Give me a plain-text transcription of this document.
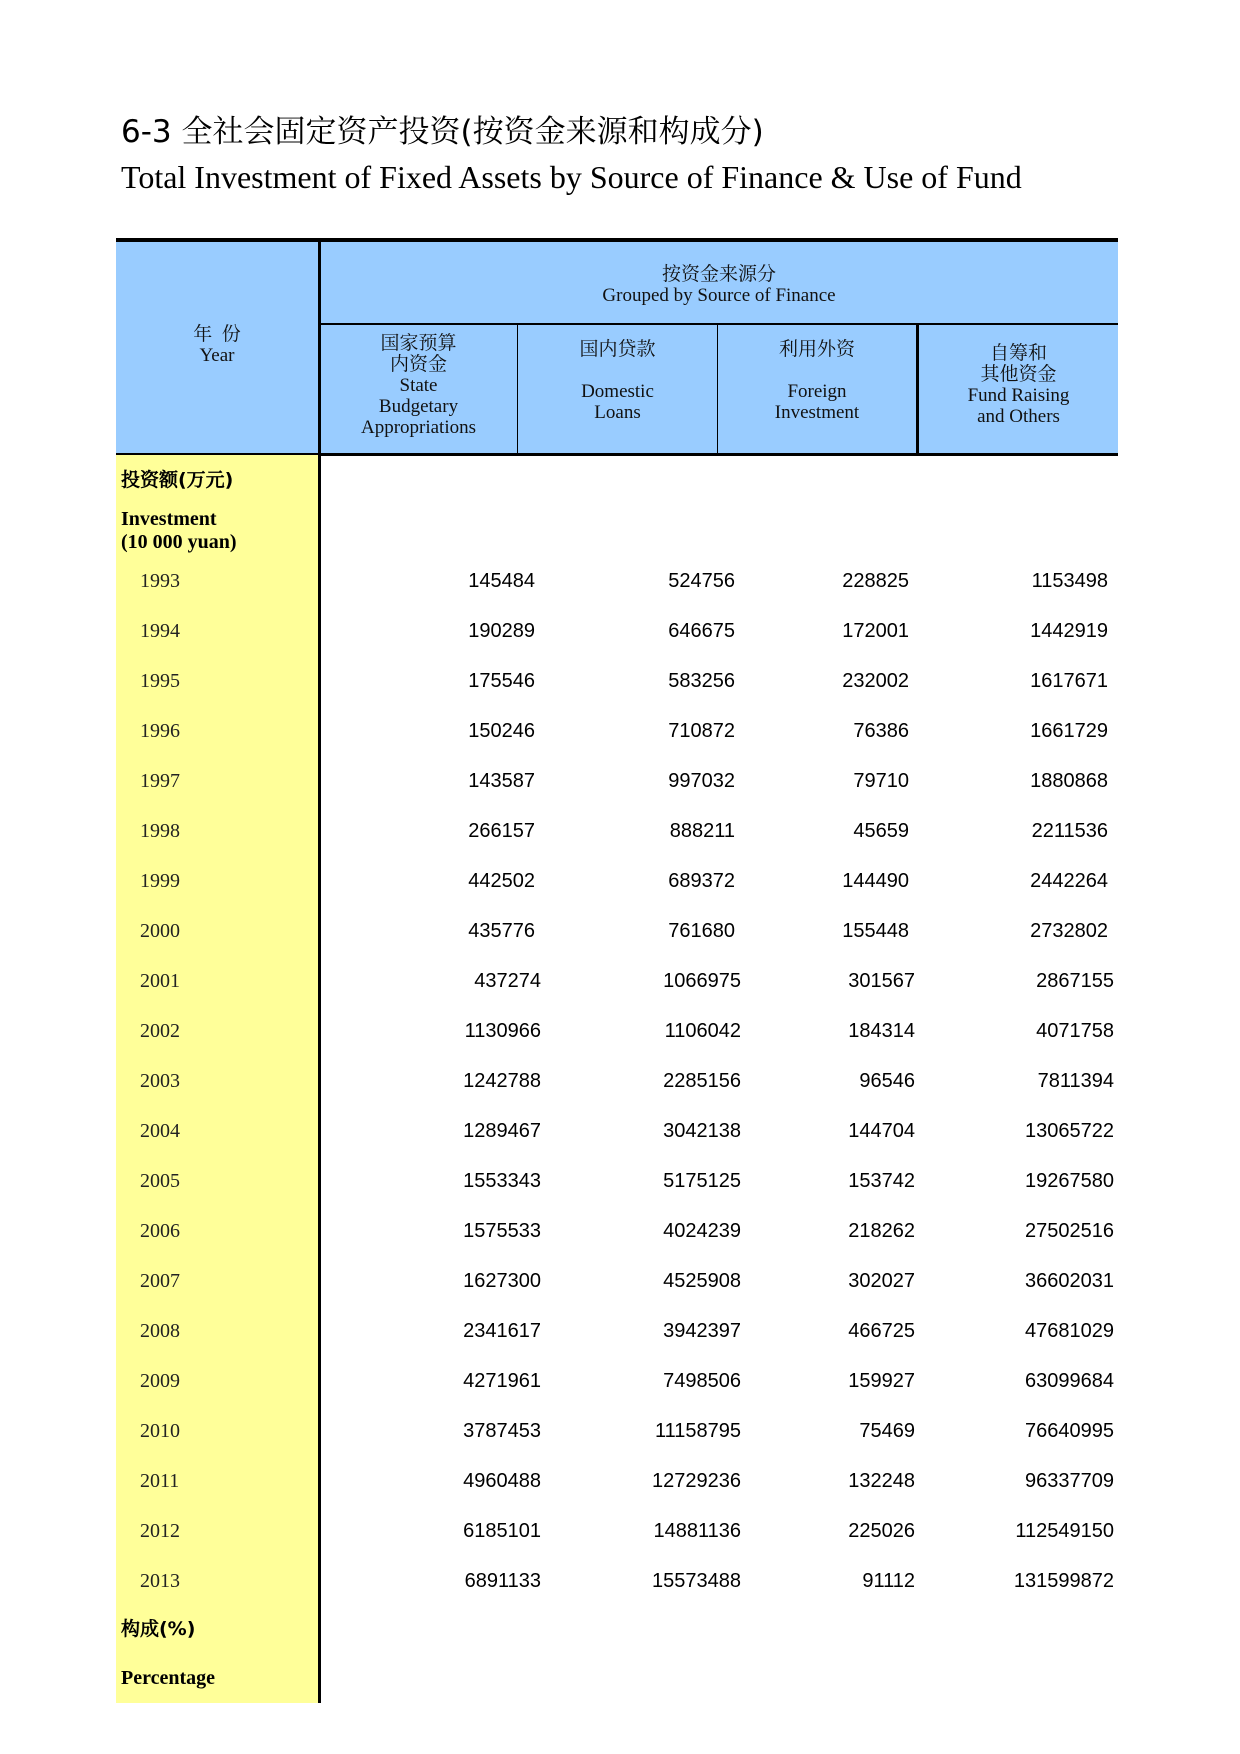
6-3 全社会固定资产投资(按资金来源和构成分)
Total Investment of Fixed Assets by Source of Finance & Use of Fund
年  份
Year
按资金来源分
Grouped by Source of Finance
国家预算
内资金
State
Budgetary
Appropriations
国内贷款
Domestic
Loans
利用外资
Foreign
Investment
自筹和
其他资金
Fund Raising
and Others
投资额(万元)
Investment
(10 000 yuan)
1993	145484	524756	228825	1153498
1994	190289	646675	172001	1442919
1995	175546	583256	232002	1617671
1996	150246	710872	76386	1661729
1997	143587	997032	79710	1880868
1998	266157	888211	45659	2211536
1999	442502	689372	144490	2442264
2000	435776	761680	155448	2732802
2001	437274	1066975	301567	2867155
2002	1130966	1106042	184314	4071758
2003	1242788	2285156	96546	7811394
2004	1289467	3042138	144704	13065722
2005	1553343	5175125	153742	19267580
2006	1575533	4024239	218262	27502516
2007	1627300	4525908	302027	36602031
2008	2341617	3942397	466725	47681029
2009	4271961	7498506	159927	63099684
2010	3787453	11158795	75469	76640995
2011	4960488	12729236	132248	96337709
2012	6185101	14881136	225026	112549150
2013	6891133	15573488	91112	131599872
构成(%)
Percentage
